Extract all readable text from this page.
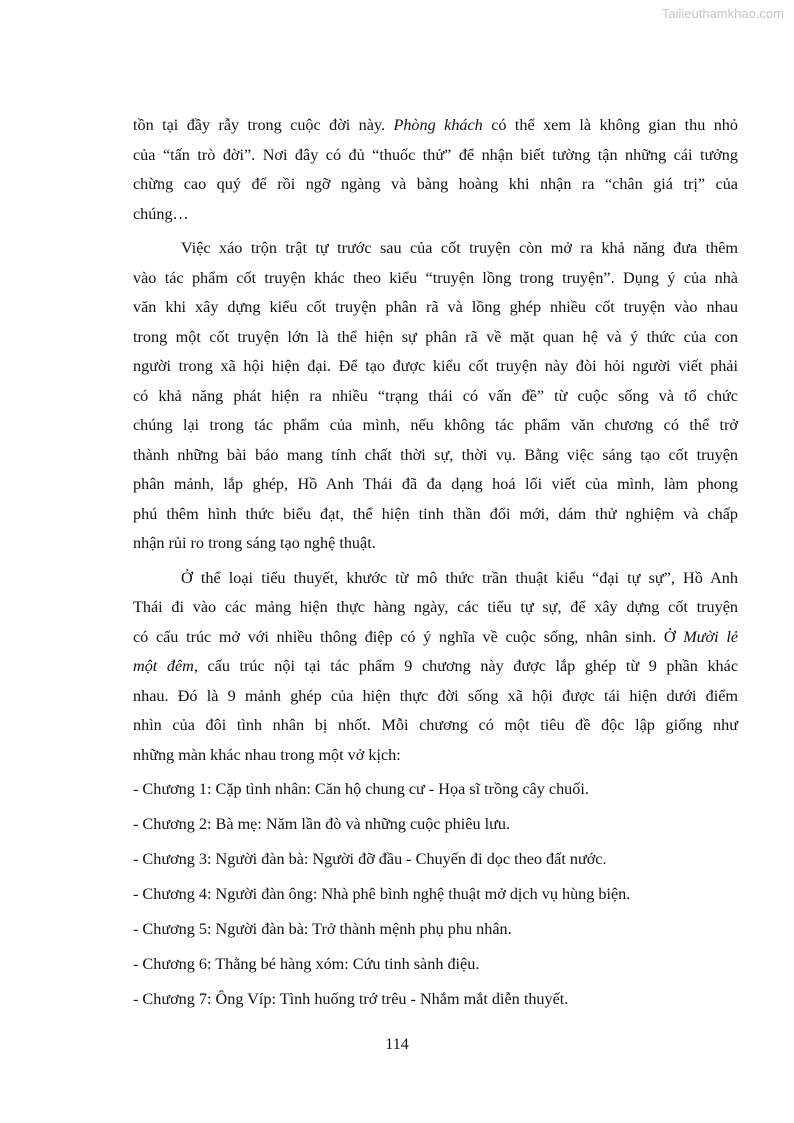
Tailieuthamkhao.com
tồn tại đầy rẫy trong cuộc đời này. Phòng khách có thể xem là không gian thu nhỏ
của “tấn trò đời”. Nơi đây có đủ “thuốc thử” để nhận biết tường tận những cái tưởng
chừng cao quý để rồi ngỡ ngàng và bàng hoàng khi nhận ra “chân giá trị” của
chúng…
Việc xáo trộn trật tự trước sau của cốt truyện còn mở ra khả năng đưa thêm
vào tác phẩm cốt truyện khác theo kiểu “truyện lồng trong truyện”. Dụng ý của nhà
văn khi xây dựng kiểu cốt truyện phân rã và lồng ghép nhiều cốt truyện vào nhau
trong một cốt truyện lớn là thể hiện sự phân rã về mặt quan hệ và ý thức của con
người trong xã hội hiện đại. Để tạo được kiểu cốt truyện này đòi hỏi người viết phải
có khả năng phát hiện ra nhiều “trạng thái có vấn đề” từ cuộc sống và tổ chức
chúng lại trong tác phẩm của mình, nếu không tác phẩm văn chương có thể trở
thành những bài báo mang tính chất thời sự, thời vụ. Bằng việc sáng tạo cốt truyện
phân mảnh, lắp ghép, Hồ Anh Thái đã đa dạng hoá lối viết của mình, làm phong
phú thêm hình thức biểu đạt, thể hiện tinh thần đổi mới, dám thử nghiệm và chấp
nhận rủi ro trong sáng tạo nghệ thuật.
Ở thể loại tiểu thuyết, khước từ mô thức trần thuật kiểu “đại tự sự”, Hồ Anh
Thái đi vào các mảng hiện thực hàng ngày, các tiểu tự sự, để xây dựng cốt truyện
có cấu trúc mở với nhiều thông điệp có ý nghĩa về cuộc sống, nhân sinh. Ở Mười lẻ
một đêm, cấu trúc nội tại tác phẩm 9 chương này được lắp ghép từ 9 phần khác
nhau. Đó là 9 mảnh ghép của hiện thực đời sống xã hội được tái hiện dưới điểm
nhìn của đôi tình nhân bị nhốt. Mỗi chương có một tiêu đề độc lập giống như
những màn khác nhau trong một vở kịch:
- Chương 1: Cặp tình nhân: Căn hộ chung cư - Họa sĩ trồng cây chuối.
- Chương 2: Bà mẹ: Năm lần đò và những cuộc phiêu lưu.
- Chương 3: Người đàn bà: Người đỡ đầu - Chuyến đi dọc theo đất nước.
- Chương 4: Người đàn ông: Nhà phê bình nghệ thuật mở dịch vụ hùng biện.
- Chương 5: Người đàn bà: Trở thành mệnh phụ phu nhân.
- Chương 6: Thằng bé hàng xóm: Cứu tinh sành điệu.
- Chương 7: Ông Víp: Tình huống trớ trêu - Nhắm mắt diễn thuyết.
114
